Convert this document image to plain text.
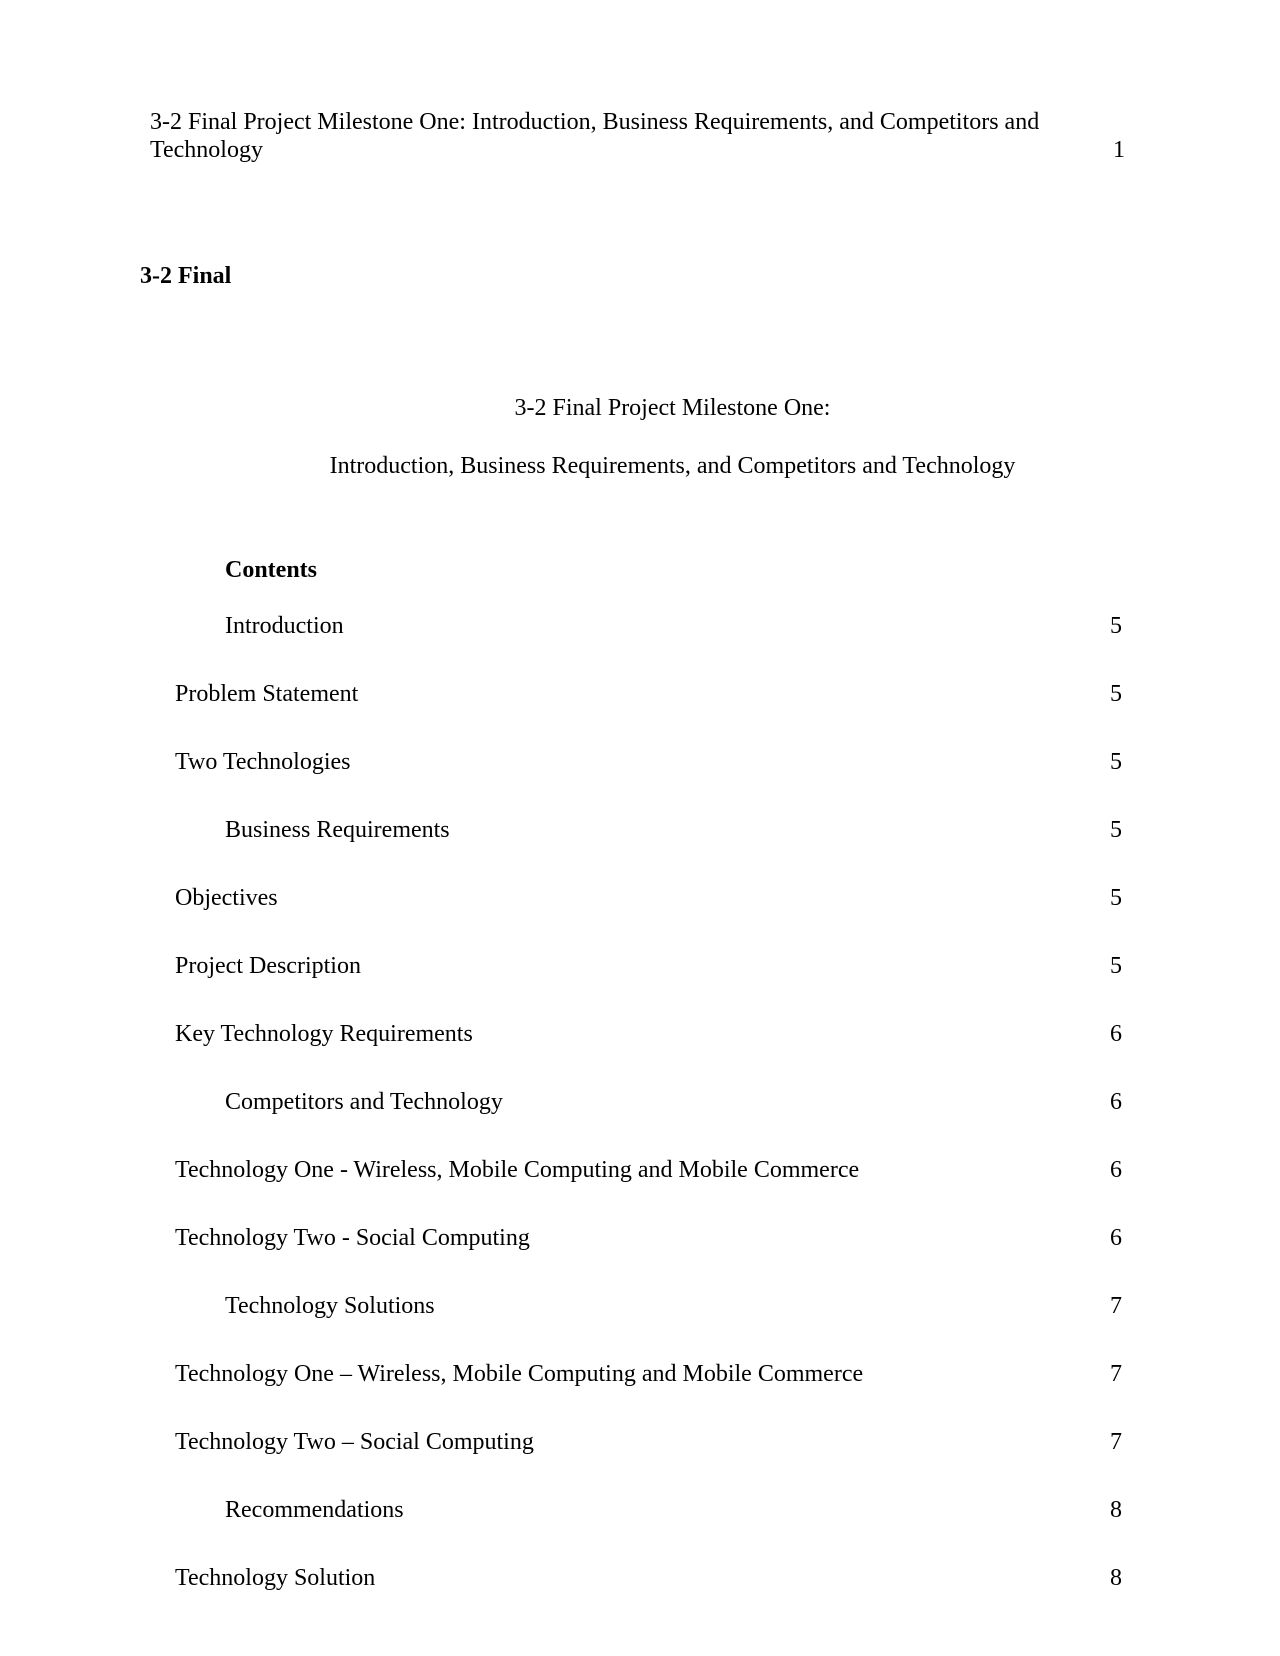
3-2 Final Project Milestone One: Introduction, Business Requirements, and Competitors and
Technology	1
3-2 Final
3-2 Final Project Milestone One:
Introduction, Business Requirements, and Competitors and Technology
Contents
Introduction	5
Problem Statement	5
Two Technologies	5
Business Requirements	5
Objectives	5
Project Description	5
Key Technology Requirements	6
Competitors and Technology	6
Technology One - Wireless, Mobile Computing and Mobile Commerce	6
Technology Two - Social Computing	6
Technology Solutions	7
Technology One – Wireless, Mobile Computing and Mobile Commerce	7
Technology Two – Social Computing	7
Recommendations	8
Technology Solution	8
